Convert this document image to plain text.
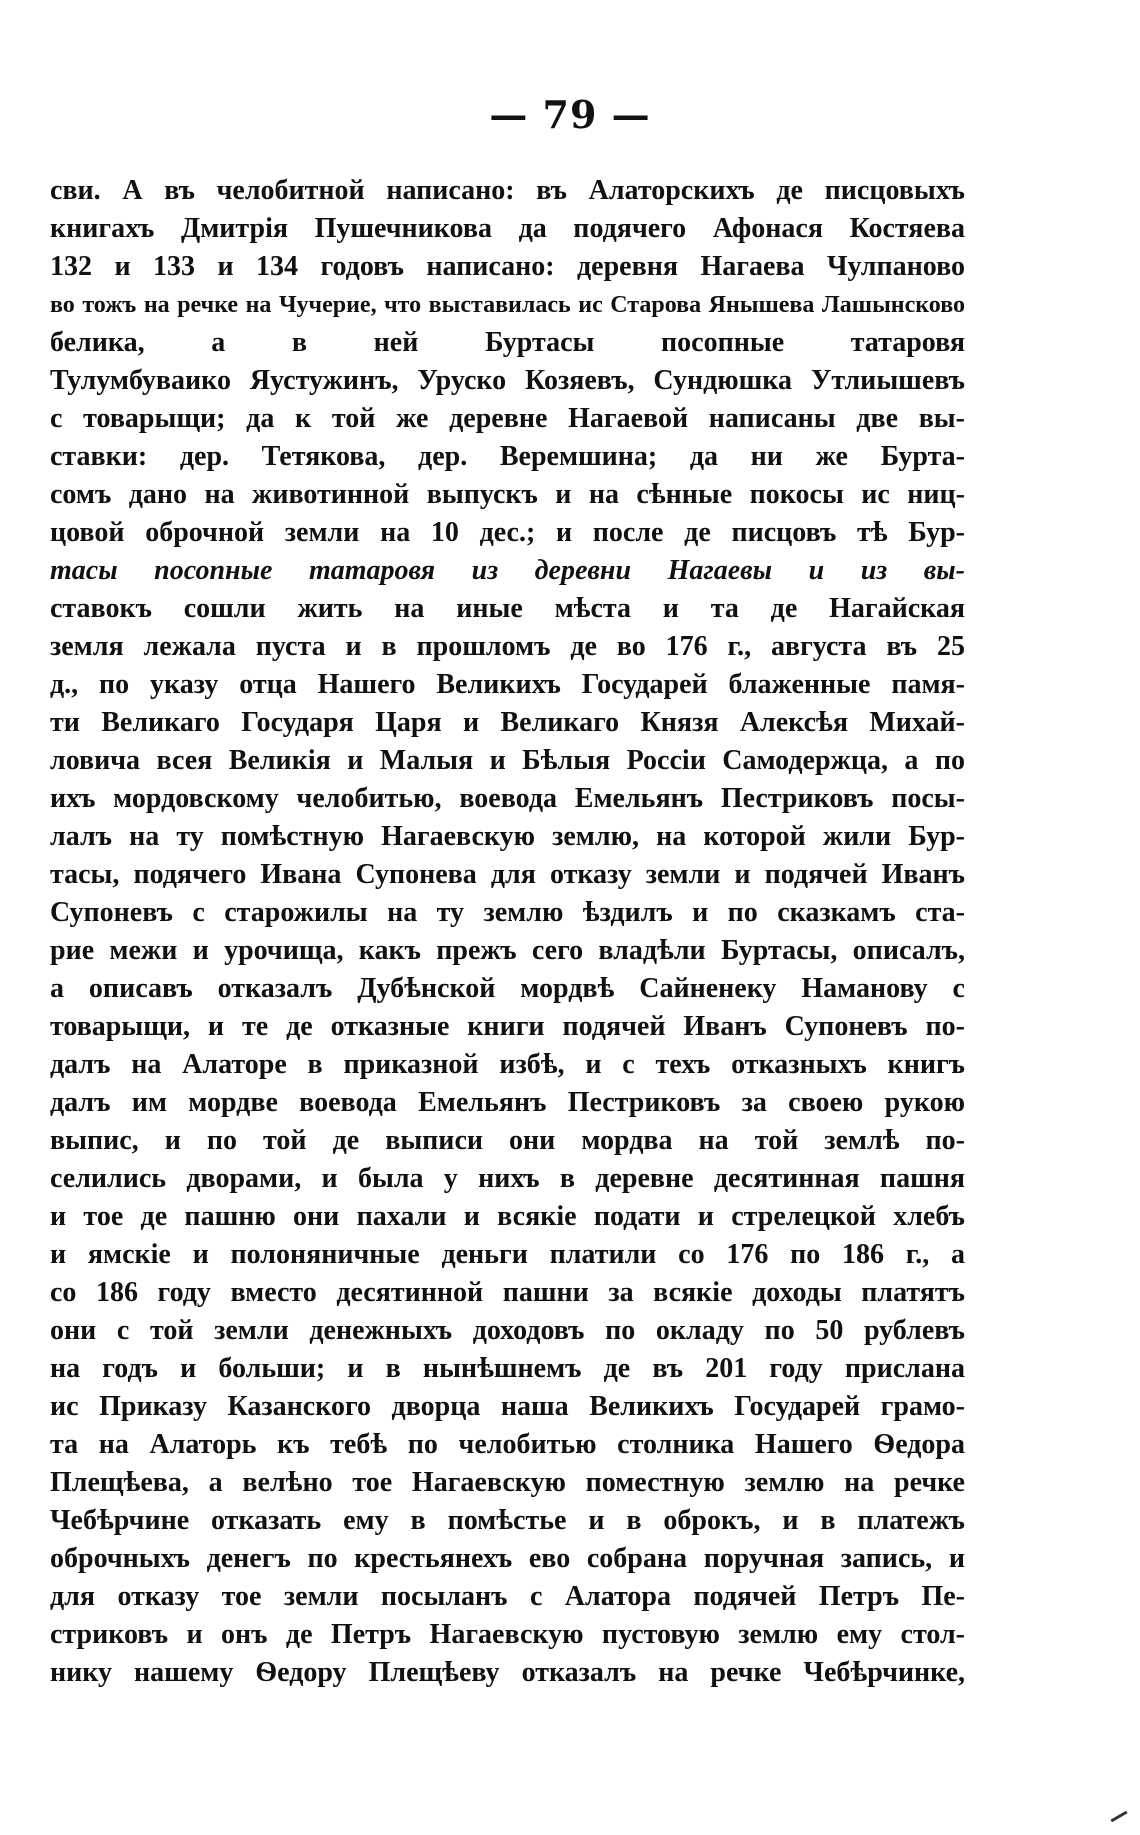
— 79 —
сви. А въ челобитной написано: въ Алаторскихъ де писцовыхъ
книгахъ Дмитрія Пушечникова да подячего Афонася Костяева
132 и 133 и 134 годовъ написано: деревня Нагаева Чулпаново
во тожъ на речке на Чучерие, что выставилась ис Старова Янышева Лашынсково
белика, а в ней Буртасы посопные татаровя
Тулумбуваико Яустужинъ, Уруско Козяевъ, Сундюшка Утлиышевъ
с товарыщи; да к той же деревне Нагаевой написаны две вы-
ставки: дер. Тетякова, дер. Веремшина; да ни же Бурта-
сомъ дано на животинной выпускъ и на сѣнные покосы ис ниц-
цовой оброчной земли на 10 дес.; и после де писцовъ тѣ Бур-
тасы посопные татаровя из деревни Нагаевы и из вы-
ставокъ сошли жить на иные мѣста и та де Нагайская
земля лежала пуста и в прошломъ де во 176 г., августа въ 25
д., по указу отца Нашего Великихъ Государей блаженные памя-
ти Великаго Государя Царя и Великаго Князя Алексѣя Михай-
ловича всея Великія и Малыя и Бѣлыя Россіи Самодержца, а по
ихъ мордовскому челобитью, воевода Емельянъ Пестриковъ посы-
лалъ на ту помѣстную Нагаевскую землю, на которой жили Бур-
тасы, подячего Ивана Супонева для отказу земли и подячей Иванъ
Супоневъ с старожилы на ту землю ѣздилъ и по сказкамъ ста-
рие межи и урочища, какъ прежъ сего владѣли Буртасы, описалъ,
а описавъ отказалъ Дубѣнской мордвѣ Сайненеку Наманову с
товарыщи, и те де отказные книги подячей Иванъ Супоневъ по-
далъ на Алаторе в приказной избѣ, и с техъ отказныхъ книгъ
далъ им мордве воевода Емельянъ Пестриковъ за своею рукою
выпис, и по той де выписи они мордва на той землѣ по-
селились дворами, и была у нихъ в деревне десятинная пашня
и тое де пашню они пахали и всякіе подати и стрелецкой хлебъ
и ямскіе и полоняничные деньги платили со 176 по 186 г., а
со 186 году вместо десятинной пашни за всякіе доходы платятъ
они с той земли денежныхъ доходовъ по окладу по 50 рублевъ
на годъ и больши; и в нынѣшнемъ де въ 201 году прислана
ис Приказу Казанского дворца наша Великихъ Государей грамо-
та на Алаторь къ тебѣ по челобитью столника Нашего Ѳедора
Плещѣева, а велѣно тое Нагаевскую поместную землю на речке
Чебѣрчине отказать ему в помѣстье и в оброкъ, и в платежъ
оброчныхъ денегъ по крестьянехъ ево собрана поручная запись, и
для отказу тое земли посыланъ с Алатора подячей Петръ Пе-
стриковъ и онъ де Петръ Нагаевскую пустовую землю ему стол-
нику нашему Ѳедору Плещѣеву отказалъ на речке Чебѣрчинке,
